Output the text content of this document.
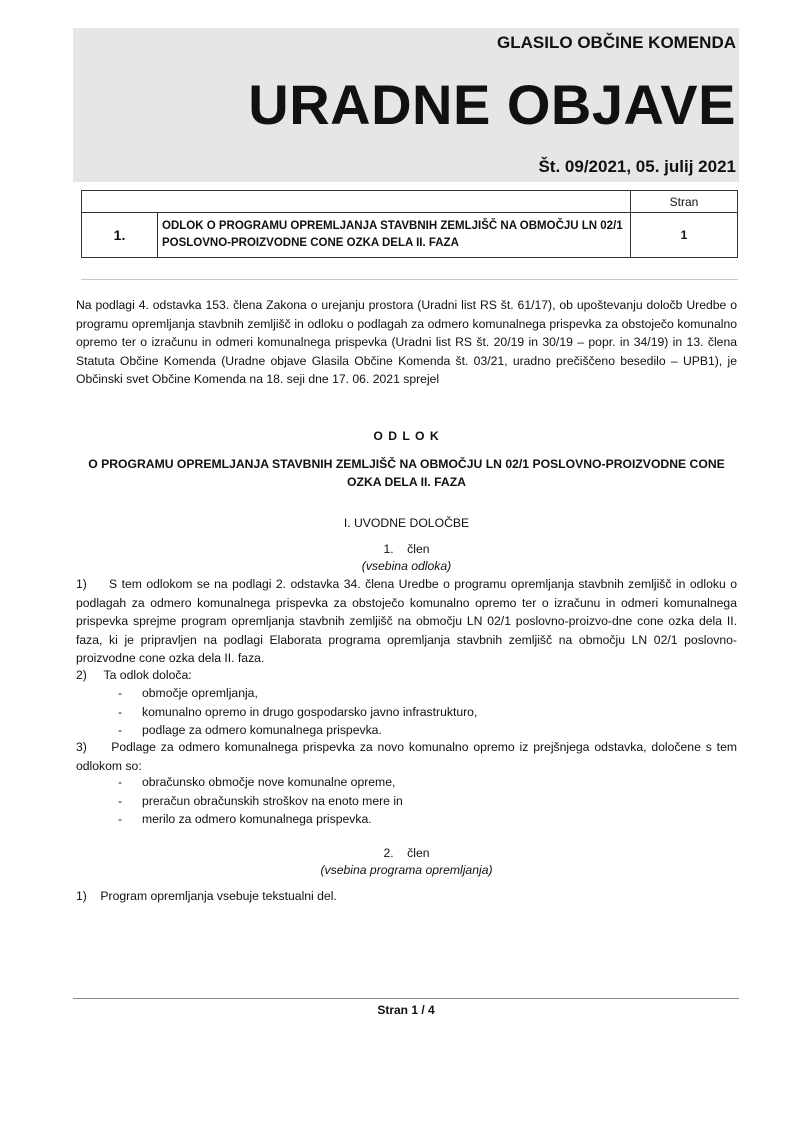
GLASILO OBČINE KOMENDA
URADNE OBJAVE
Št. 09/2021, 05. julij 2021
		Stran
1.	ODLOK O PROGRAMU OPREMLJANJA STAVBNIH ZEMLJIŠČ NA OBMOČJU LN 02/1 POSLOVNO-PROIZVODNE CONE OZKA DELA II. FAZA	1
Na podlagi 4. odstavka 153. člena Zakona o urejanju prostora (Uradni list RS št. 61/17), ob upoštevanju določb Uredbe o programu opremljanja stavbnih zemljišč in odloku o podlagah za odmero komunalnega prispevka za obstoječo komunalno opremo ter o izračunu in odmeri komunalnega prispevka (Uradni list RS št. 20/19 in 30/19 – popr. in 34/19) in 13. člena Statuta Občine Komenda (Uradne objave Glasila Občine Komenda št. 03/21, uradno prečiščeno besedilo – UPB1), je Občinski svet Občine Komenda na 18. seji dne 17. 06. 2021 sprejel
O D L O K
O PROGRAMU OPREMLJANJA STAVBNIH ZEMLJIŠČ NA OBMOČJU LN 02/1 POSLOVNO-PROIZVODNE CONE OZKA DELA II. FAZA
I. UVODNE DOLOČBE
1.    člen
(vsebina odloka)
1)     S tem odlokom se na podlagi 2. odstavka 34. člena Uredbe o programu opremljanja stavbnih zemljišč in odloku o podlagah za odmero komunalnega prispevka za obstoječo komunalno opremo ter o izračunu in odmeri komunalnega prispevka sprejme program opremljanja stavbnih zemljišč na območju LN 02/1 poslovno-proizvo-dne cone ozka dela II. faza, ki je pripravljen na podlagi Elaborata programa opremljanja stavbnih zemljišč na območju LN 02/1 poslovno-proizvodne cone ozka dela II. faza.
2)     Ta odlok določa:
- območje opremljanja,
- komunalno opremo in drugo gospodarsko javno infrastrukturo,
- podlage za odmero komunalnega prispevka.
3)     Podlage za odmero komunalnega prispevka za novo komunalno opremo iz prejšnjega odstavka, določene s tem odlokom so:
- obračunsko območje nove komunalne opreme,
- preračun obračunskih stroškov na enoto mere in
- merilo za odmero komunalnega prispevka.
2.    člen
(vsebina programa opremljanja)
1)    Program opremljanja vsebuje tekstualni del.
Stran 1 / 4
